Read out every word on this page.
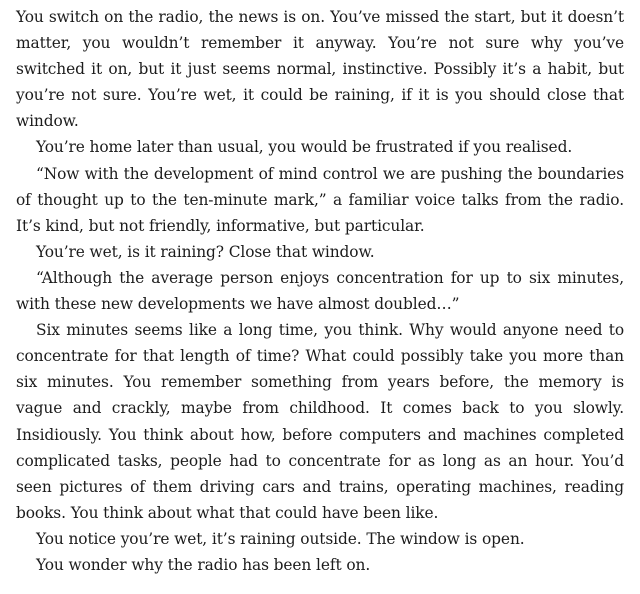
You switch on the radio, the news is on. You’ve missed the start, but it doesn’t matter, you wouldn’t remember it anyway. You’re not sure why you’ve switched it on, but it just seems normal, instinctive. Possibly it’s a habit, but you’re not sure. You’re wet, it could be raining, if it is you should close that window.

You’re home later than usual, you would be frustrated if you realised.

“Now with the development of mind control we are pushing the boundaries of thought up to the ten-minute mark,” a familiar voice talks from the radio. It’s kind, but not friendly, informative, but particular.

You’re wet, is it raining? Close that window.

“Although the average person enjoys concentration for up to six minutes, with these new developments we have almost doubled…”

Six minutes seems like a long time, you think. Why would anyone need to concentrate for that length of time? What could possibly take you more than six minutes. You remember something from years before, the memory is vague and crackly, maybe from childhood. It comes back to you slowly. Insidiously. You think about how, before computers and machines completed complicated tasks, people had to concentrate for as long as an hour. You’d seen pictures of them driving cars and trains, operating machines, reading books. You think about what that could have been like.

You notice you’re wet, it’s raining outside. The window is open.

You wonder why the radio has been left on.
